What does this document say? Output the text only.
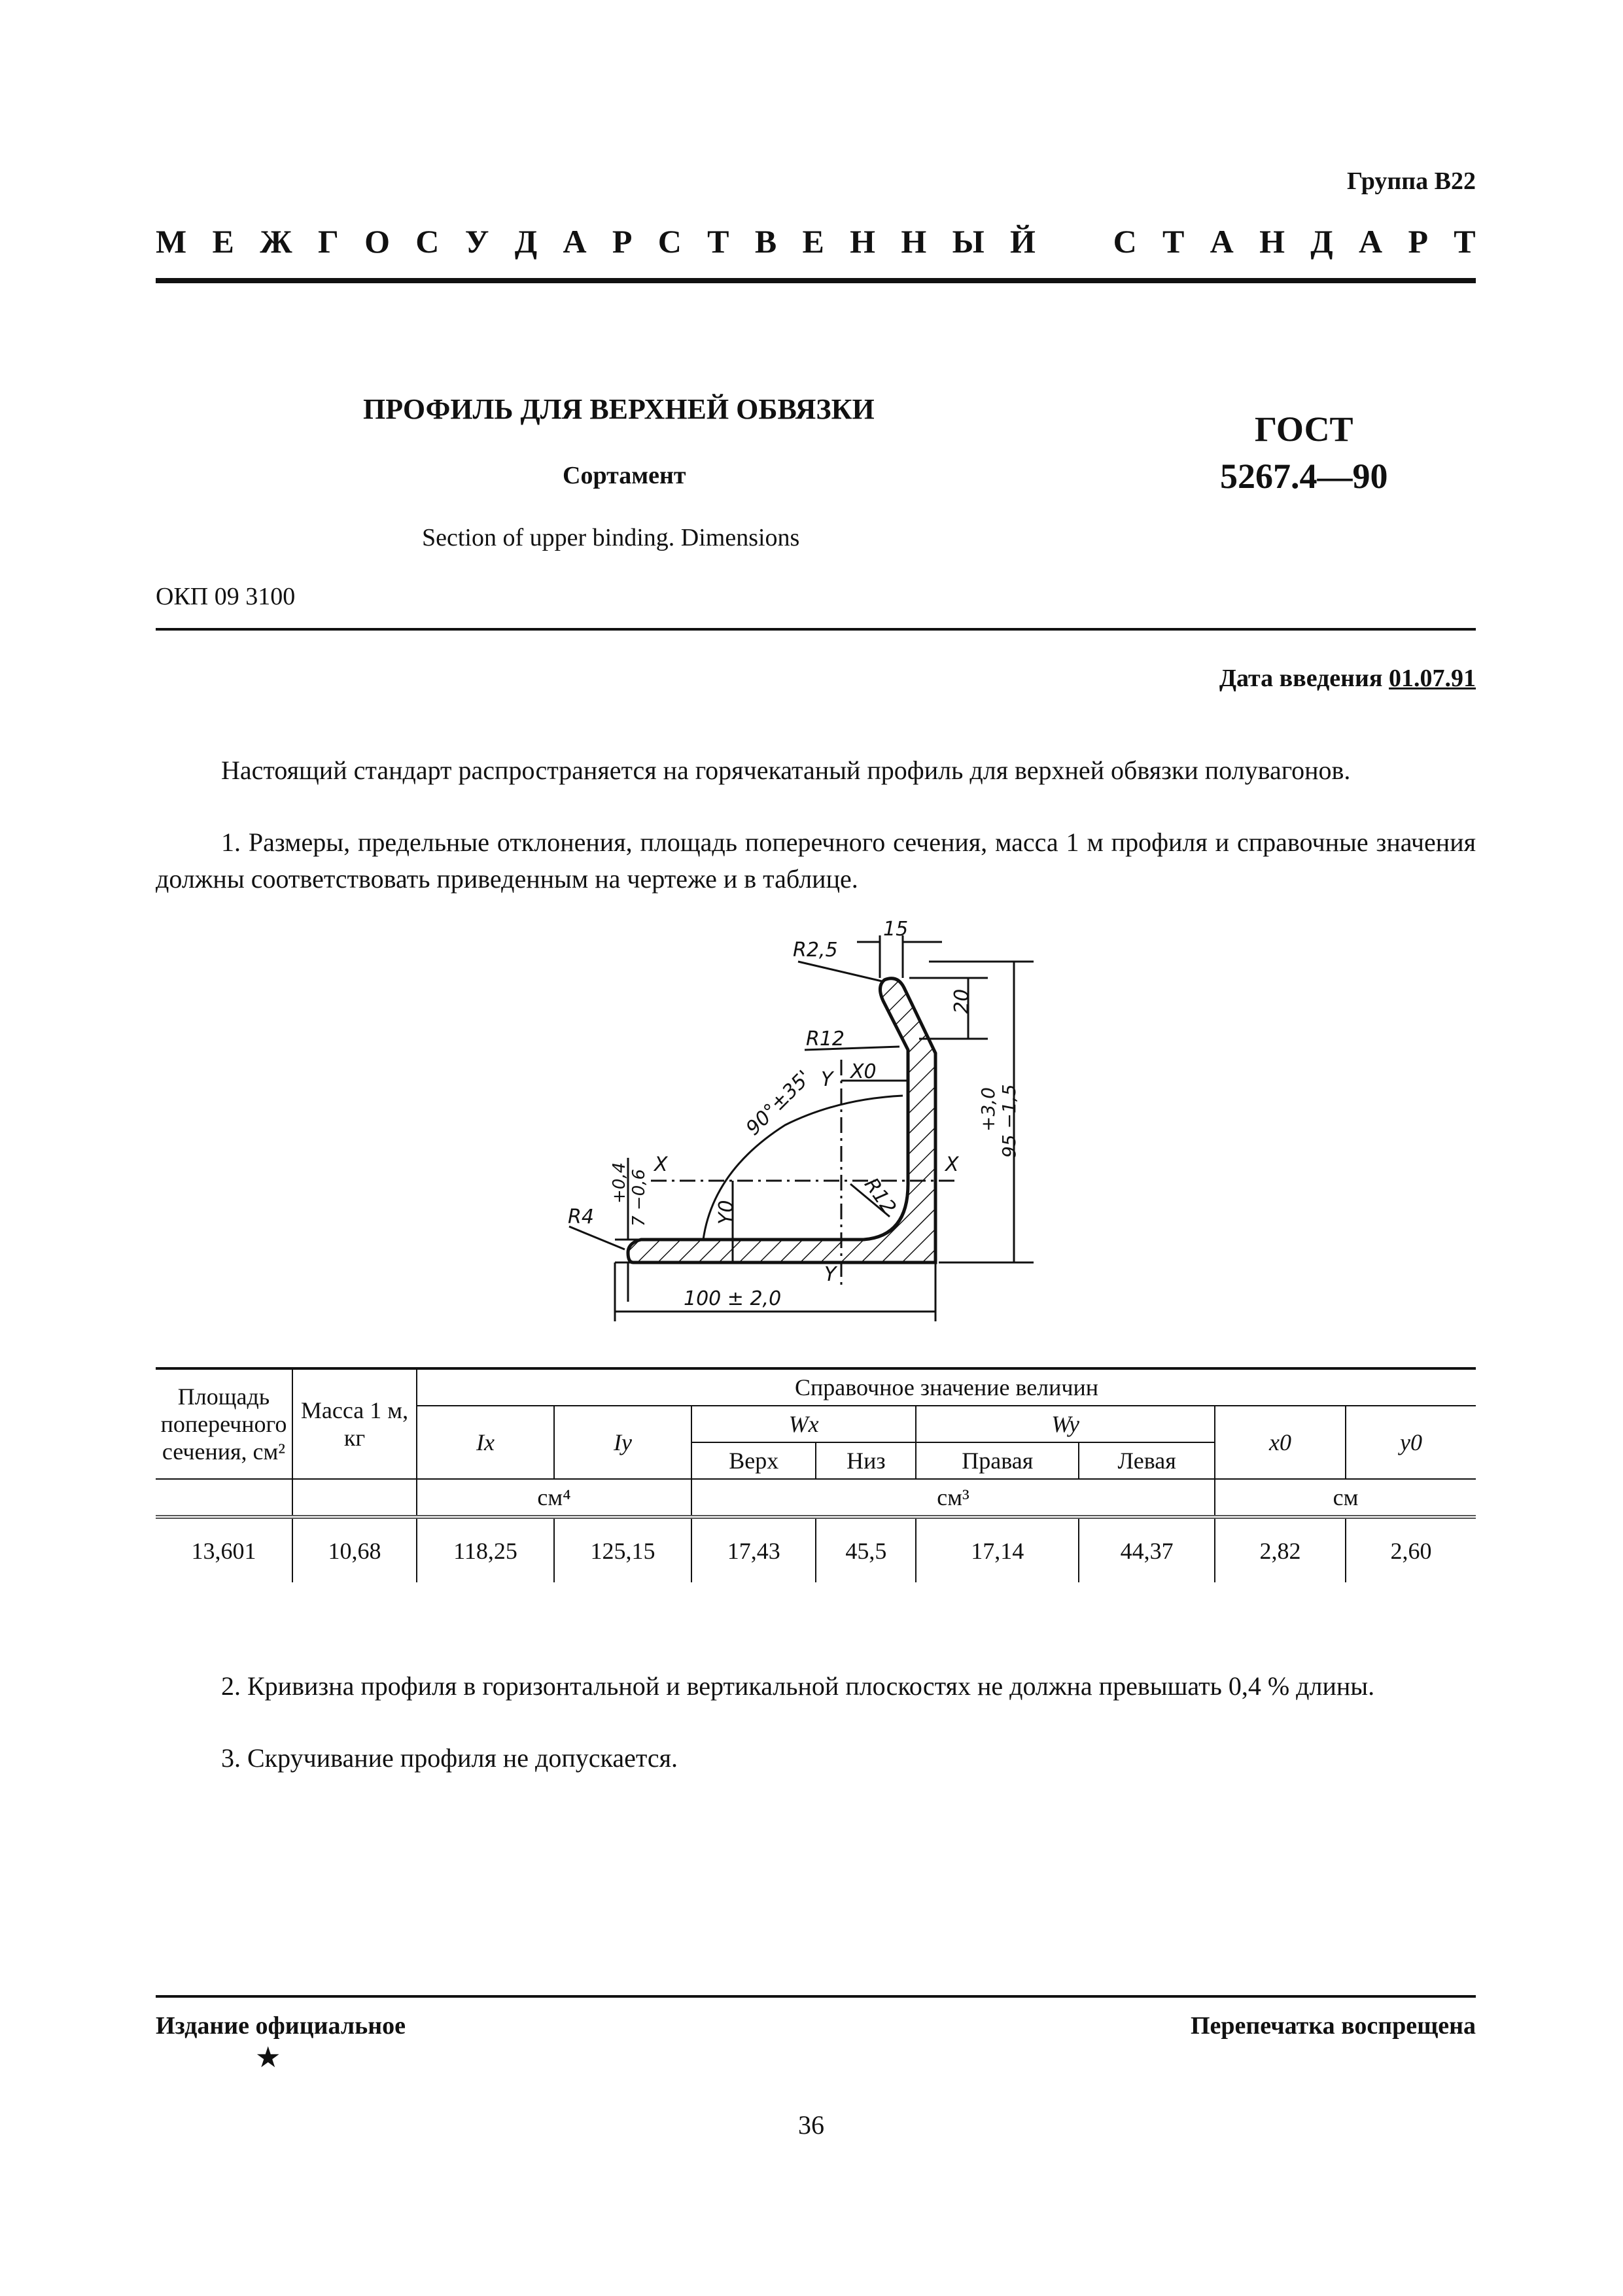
Группа В22
М Е Ж Г О С У Д А Р С Т В Е Н Н Ы Й С Т А Н Д А Р Т
ПРОФИЛЬ ДЛЯ ВЕРХНЕЙ ОБВЯЗКИ
Сортамент
Section of upper binding. Dimensions
ГОСТ
5267.4—90
ОКП 09 3100
Дата введения 01.07.91
Настоящий стандарт распространяется на горячекатаный профиль для верхней обвязки полувагонов.
1. Размеры, предельные отклонения, площадь поперечного сечения, масса 1 м профиля и справочные значения должны соответствовать приведенным на чертеже и в таблице.
15
R2,5
20
+3,0 95 −1,5
R12
Y X0
90°±35'
X	X
R12
+0,4 7 −0,6
R4	Y0
Y
100 ± 2,0
Площадь поперечного сечения, см²	Масса 1 м, кг	Справочное значение величин							
		Ix	Iy	Wx		Wy		x0	y0
				Верх	Низ	Правая	Левая		
		см⁴		см³				см	
13,601	10,68	118,25	125,15	17,43	45,5	17,14	44,37	2,82	2,60
2. Кривизна профиля в горизонтальной и вертикальной плоскостях не должна превышать 0,4 % длины.
3. Скручивание профиля не допускается.
Издание официальное
★
Перепечатка воспрещена
36
